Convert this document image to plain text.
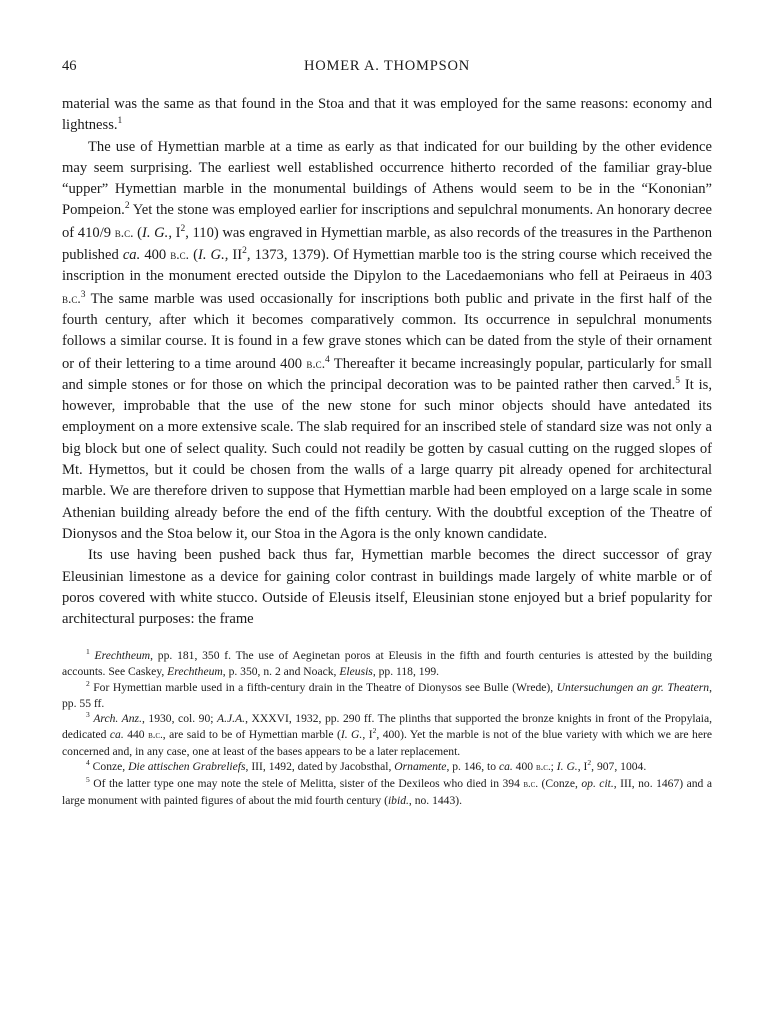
46	HOMER A. THOMPSON

material was the same as that found in the Stoa and that it was employed for the same reasons: economy and lightness.$^1$

The use of Hymettian marble at a time as early as that indicated for our building by the other evidence may seem surprising. The earliest well established occurrence hitherto recorded of the familiar gray-blue “upper” Hymettian marble in the monumental buildings of Athens would seem to be in the “Kononian” Pompeion.$^2$ Yet the stone was employed earlier for inscriptions and sepulchral monuments. An honorary decree of 410/9 b.c. (I. G., $I^2$, 110) was engraved in Hymettian marble, as also records of the treasures in the Parthenon published ca. 400 b.c. (I. G., $II^2$, 1373, 1379). Of Hymettian marble too is the string course which received the inscription in the monument erected outside the Dipylon to the Lacedaemonians who fell at Peiraeus in 403 b.c.$^3$ The same marble was used occasionally for inscriptions both public and private in the first half of the fourth century, after which it becomes comparatively common. Its occurrence in sepulchral monuments follows a similar course. It is found in a few grave stones which can be dated from the style of their ornament or of their lettering to a time around 400 b.c.$^4$ Thereafter it became increasingly popular, particularly for small and simple stones or for those on which the principal decoration was to be painted rather then carved.$^5$ It is, however, improbable that the use of the new stone for such minor objects should have antedated its employment on a more extensive scale. The slab required for an inscribed stele of standard size was not only a big block but one of select quality. Such could not readily be gotten by casual cutting on the rugged slopes of Mt. Hymettos, but it could be chosen from the walls of a large quarry pit already opened for architectural marble. We are therefore driven to suppose that Hymettian marble had been employed on a large scale in some Athenian building already before the end of the fifth century. With the doubtful exception of the Theatre of Dionysos and the Stoa below it, our Stoa in the Agora is the only known candidate.

Its use having been pushed back thus far, Hymettian marble becomes the direct successor of gray Eleusinian limestone as a device for gaining color contrast in buildings made largely of white marble or of poros covered with white stucco. Outside of Eleusis itself, Eleusinian stone enjoyed but a brief popularity for architectural purposes: the frame

$^1$ Erechtheum, pp. 181, 350 f. The use of Aeginetan poros at Eleusis in the fifth and fourth centuries is attested by the building accounts. See Caskey, Erechtheum, p. 350, n. 2 and Noack, Eleusis, pp. 118, 199.

$^2$ For Hymettian marble used in a fifth-century drain in the Theatre of Dionysos see Bulle (Wrede), Untersuchungen an gr. Theatern, pp. 55 ff.

$^3$ Arch. Anz., 1930, col. 90; A.J.A., XXXVI, 1932, pp. 290 ff. The plinths that supported the bronze knights in front of the Propylaia, dedicated ca. 440 b.c., are said to be of Hymettian marble (I. G., $I^2$, 400). Yet the marble is not of the blue variety with which we are here concerned and, in any case, one at least of the bases appears to be a later replacement.

$^4$ Conze, Die attischen Grabreliefs, III, 1492, dated by Jacobsthal, Ornamente, p. 146, to ca. 400 b.c.; I. G., $I^2$, 907, 1004.

$^5$ Of the latter type one may note the stele of Melitta, sister of the Dexileos who died in 394 b.c. (Conze, op. cit., III, no. 1467) and a large monument with painted figures of about the mid fourth century (ibid., no. 1443).
